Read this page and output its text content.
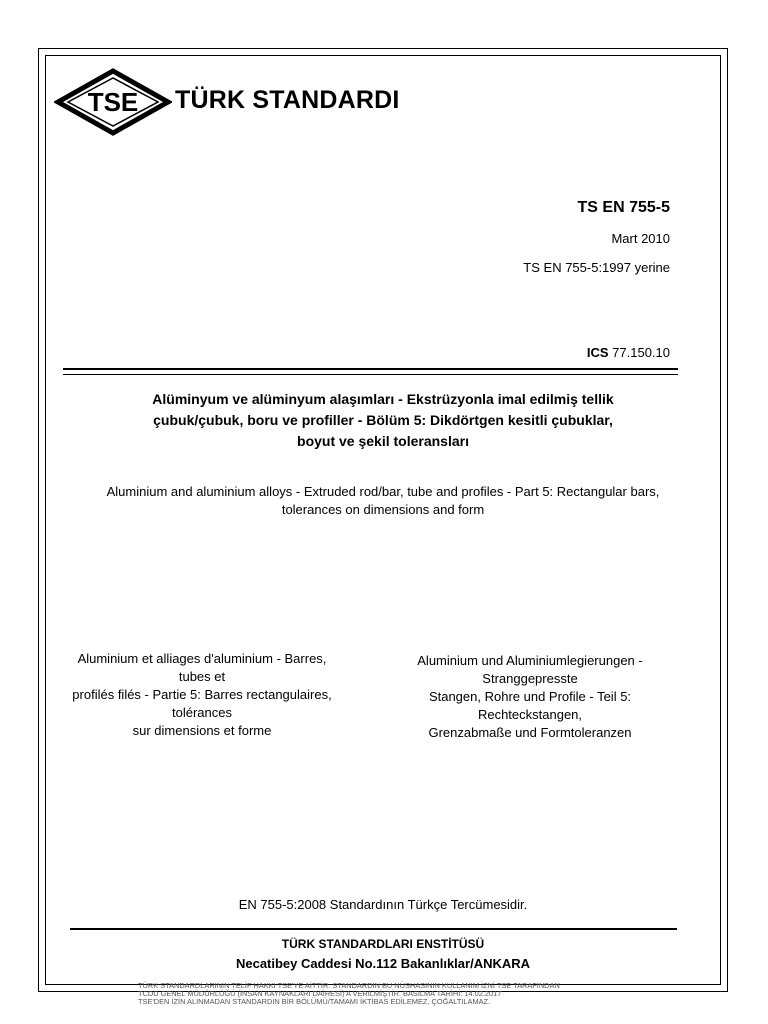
TSE TÜRK STANDARDI
TS EN 755-5
Mart 2010
TS EN 755-5:1997 yerine
ICS 77.150.10
Alüminyum ve alüminyum alaşımları - Ekstrüzyonla imal edilmiş tellik
çubuk/çubuk, boru ve profiller - Bölüm 5: Dikdörtgen kesitli çubuklar,
boyut ve şekil toleransları
Aluminium and aluminium alloys - Extruded rod/bar, tube and profiles - Part 5: Rectangular bars,
tolerances on dimensions and form
Aluminium et alliages d'aluminium - Barres,
tubes et
profilés filés - Partie 5: Barres rectangulaires,
tolérances
sur dimensions et forme
Aluminium und Aluminiumlegierungen -
Stranggepresste
Stangen, Rohre und Profile - Teil 5:
Rechteckstangen,
Grenzabmaße und Formtoleranzen
EN 755-5:2008 Standardının Türkçe Tercümesidir.
TÜRK STANDARDLARI ENSTİTÜSÜ
Necatibey Caddesi No.112 Bakanlıklar/ANKARA
TÜRK STANDARDLARININ TELİF HAKKI TSE'YE AİTTİR. STANDARDIN BU NÜSHASININ KULLANIM İZNİ TSE TARAFINDAN
TCDD GENEL MÜDÜRLÜĞÜ (İNSAN KAYNAKLARI DAİRESİ)'A VERİLMİŞTİR. BASILMA TARİHİ: 14.02.2017
TSE'DEN İZİN ALINMADAN STANDARDIN BİR BÖLÜMÜ/TAMAMI İKTİBAS EDİLEMEZ, ÇOĞALTILAMAZ.
